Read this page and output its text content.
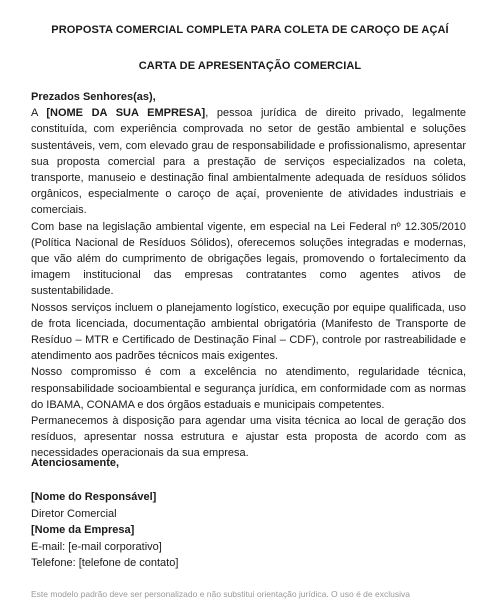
PROPOSTA COMERCIAL COMPLETA PARA COLETA DE CAROÇO DE AÇAÍ
CARTA DE APRESENTAÇÃO COMERCIAL

Prezados Senhores(as),

A [NOME DA SUA EMPRESA], pessoa jurídica de direito privado, legalmente constituída, com experiência comprovada no setor de gestão ambiental e soluções sustentáveis, vem, com elevado grau de responsabilidade e profissionalismo, apresentar sua proposta comercial para a prestação de serviços especializados na coleta, transporte, manuseio e destinação final ambientalmente adequada de resíduos sólidos orgânicos, especialmente o caroço de açaí, proveniente de atividades industriais e comerciais.

Com base na legislação ambiental vigente, em especial na Lei Federal nº 12.305/2010 (Política Nacional de Resíduos Sólidos), oferecemos soluções integradas e modernas, que vão além do cumprimento de obrigações legais, promovendo o fortalecimento da imagem institucional das empresas contratantes como agentes ativos de sustentabilidade.

Nossos serviços incluem o planejamento logístico, execução por equipe qualificada, uso de frota licenciada, documentação ambiental obrigatória (Manifesto de Transporte de Resíduo – MTR e Certificado de Destinação Final – CDF), controle por rastreabilidade e atendimento aos padrões técnicos mais exigentes.

Nosso compromisso é com a excelência no atendimento, regularidade técnica, responsabilidade socioambiental e segurança jurídica, em conformidade com as normas do IBAMA, CONAMA e dos órgãos estaduais e municipais competentes.

Permanecemos à disposição para agendar uma visita técnica ao local de geração dos resíduos, apresentar nossa estrutura e ajustar esta proposta de acordo com as necessidades operacionais da sua empresa.

Atenciosamente,
[Nome do Responsável]
Diretor Comercial
[Nome da Empresa]
E-mail: [e-mail corporativo]
Telefone: [telefone de contato]
Este modelo padrão deve ser personalizado e não substitui orientação jurídica. O uso é de exclusiva
